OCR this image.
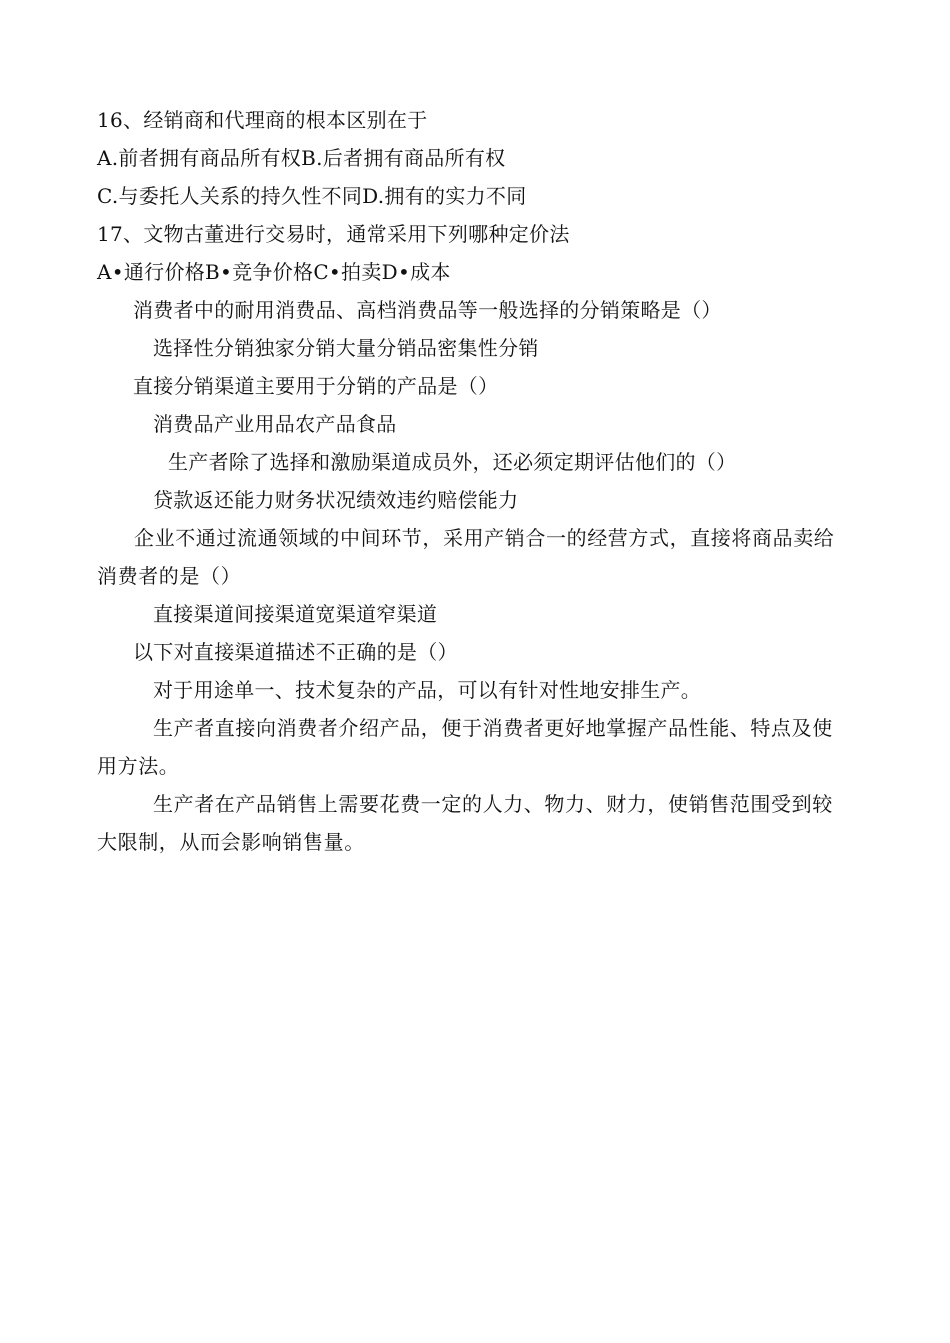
16、经销商和代理商的根本区别在于
A.前者拥有商品所有权B.后者拥有商品所有权
C.与委托人关系的持久性不同D.拥有的实力不同
17、文物古董进行交易时，通常采用下列哪种定价法
A•通行价格B•竞争价格C•拍卖D•成本
消费者中的耐用消费品、高档消费品等一般选择的分销策略是（）
选择性分销独家分销大量分销品密集性分销
直接分销渠道主要用于分销的产品是（）
消费品产业用品农产品食品
生产者除了选择和激励渠道成员外，还必须定期评估他们的（）
贷款返还能力财务状况绩效违约赔偿能力
企业不通过流通领域的中间环节，采用产销合一的经营方式，直接将商品卖给消费者的是（）
直接渠道间接渠道宽渠道窄渠道
以下对直接渠道描述不正确的是（）
对于用途单一、技术复杂的产品，可以有针对性地安排生产。
生产者直接向消费者介绍产品，便于消费者更好地掌握产品性能、特点及使用方法。
生产者在产品销售上需要花费一定的人力、物力、财力，使销售范围受到较大限制，从而会影响销售量。
